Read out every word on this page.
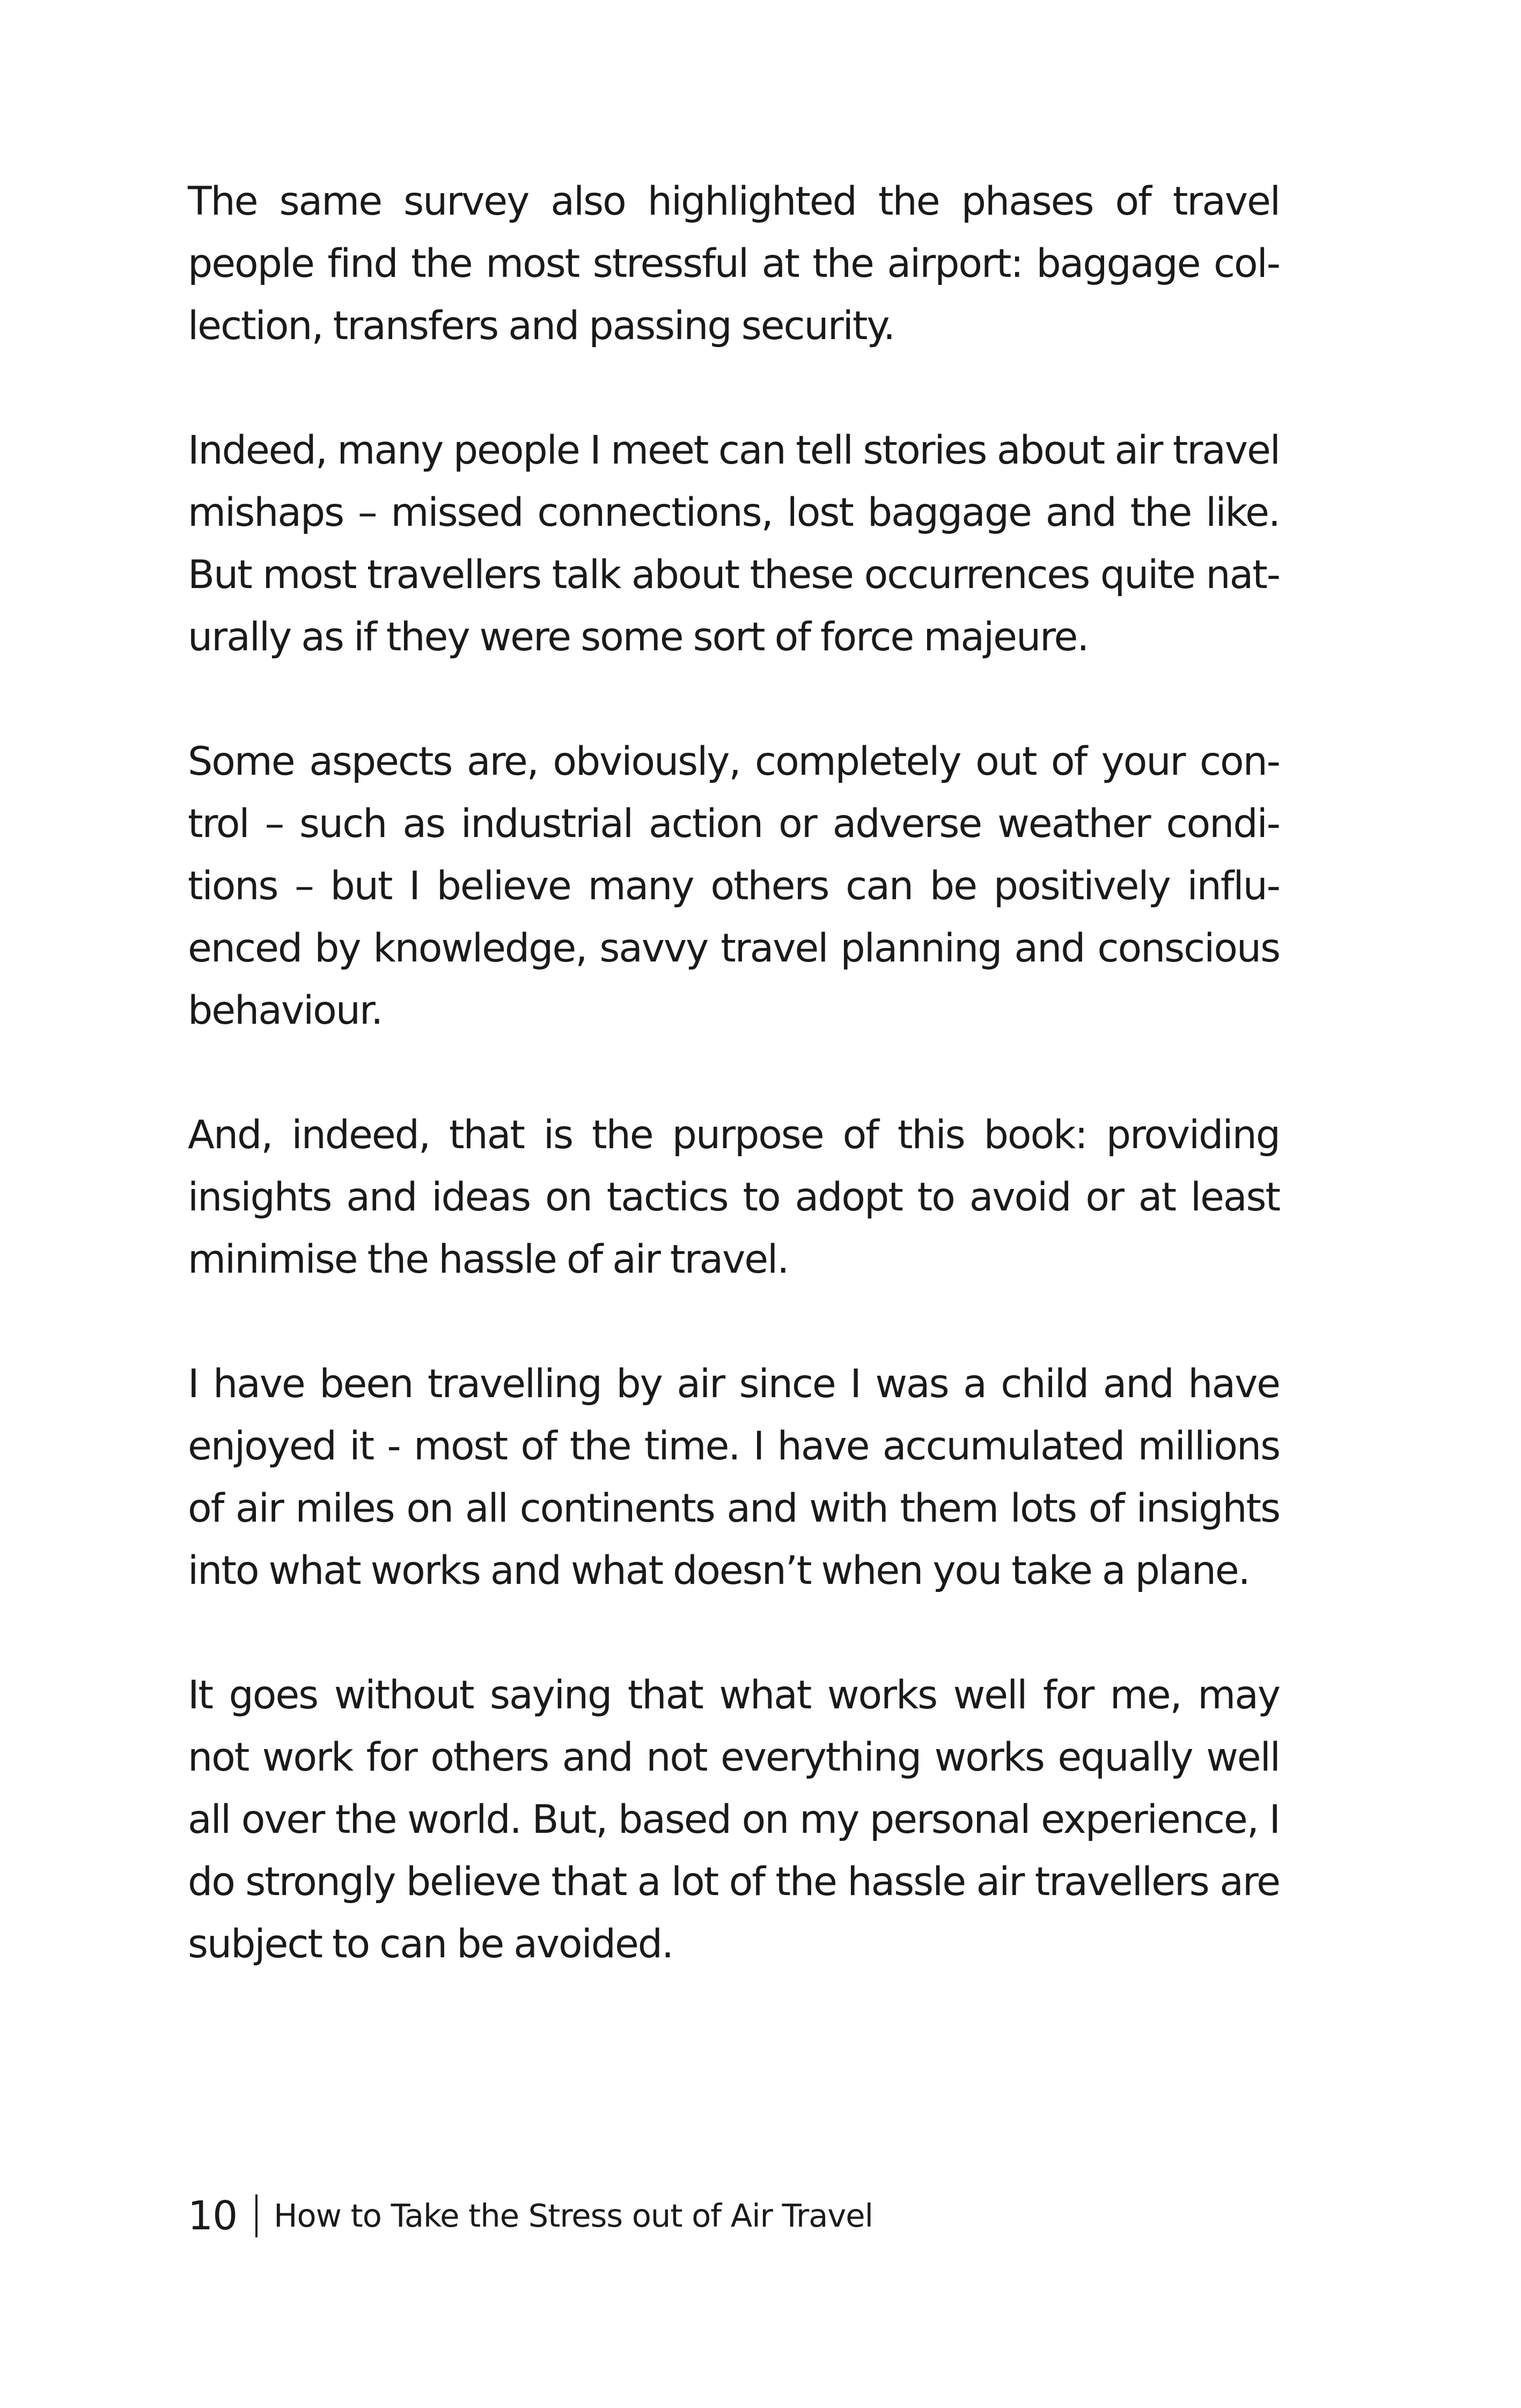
The same survey also highlighted the phases of travel
people find the most stressful at the airport: baggage col-
lection, transfers and passing security.

Indeed, many people I meet can tell stories about air travel
mishaps – missed connections, lost baggage and the like.
But most travellers talk about these occurrences quite nat-
urally as if they were some sort of force majeure.

Some aspects are, obviously, completely out of your con-
trol – such as industrial action or adverse weather condi-
tions – but I believe many others can be positively influ-
enced by knowledge, savvy travel planning and conscious
behaviour.

And, indeed, that is the purpose of this book: providing
insights and ideas on tactics to adopt to avoid or at least
minimise the hassle of air travel.

I have been travelling by air since I was a child and have
enjoyed it - most of the time. I have accumulated millions
of air miles on all continents and with them lots of insights
into what works and what doesn’t when you take a plane.

It goes without saying that what works well for me, may
not work for others and not everything works equally well
all over the world. But, based on my personal experience, I
do strongly believe that a lot of the hassle air travellers are
subject to can be avoided.

10 How to Take the Stress out of Air Travel
